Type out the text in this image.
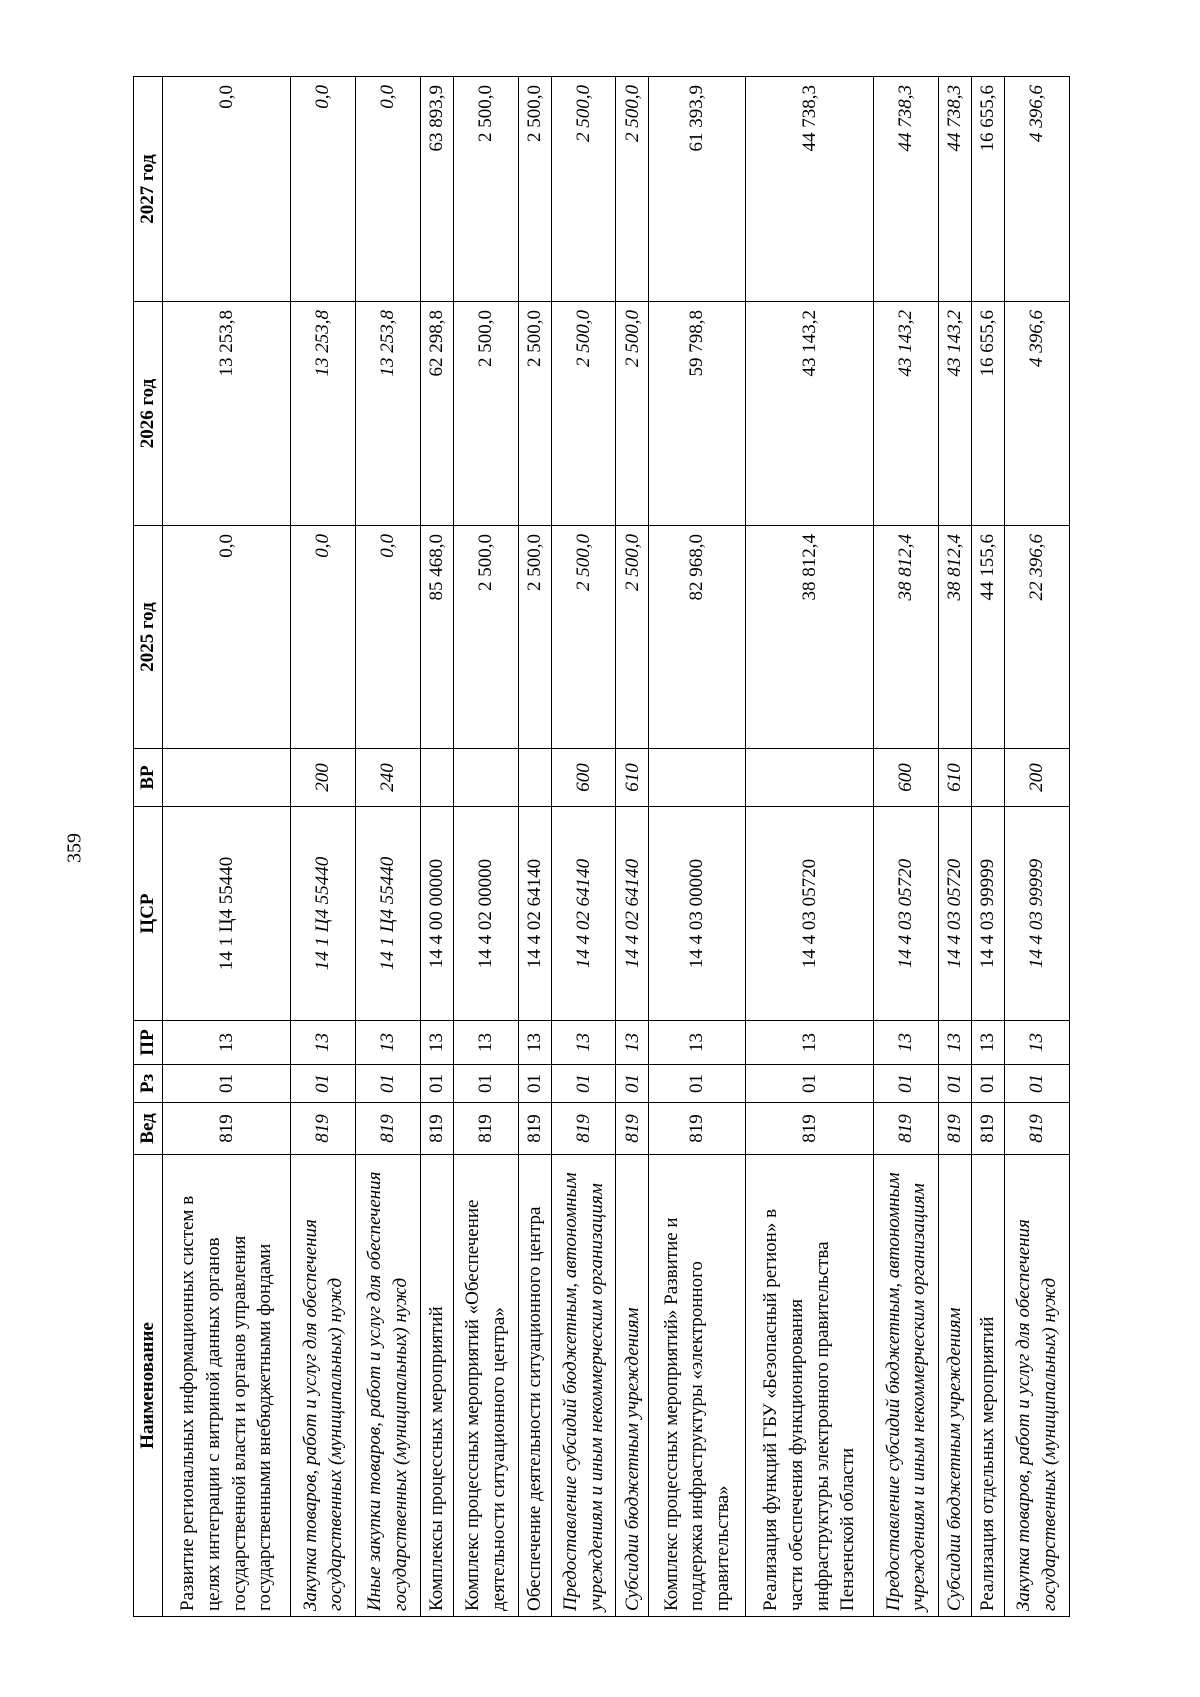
359
Наименование	Вед	Рз	ПР	ЦСР	ВР	2025 год	2026 год	2027 год
Развитие региональных информационных систем в целях интеграции с витриной данных органов государственной власти и органов управления государственными внебюджетными фондами	819	01	13	14 1 Ц4 55440		0,0	13 253,8	0,0
Закупка товаров, работ и услуг для обеспечения государственных (муниципальных) нужд	819	01	13	14 1 Ц4 55440	200	0,0	13 253,8	0,0
Иные закупки товаров, работ и услуг для обеспечения государственных (муниципальных) нужд	819	01	13	14 1 Ц4 55440	240	0,0	13 253,8	0,0
Комплексы процессных мероприятий	819	01	13	14 4 00 00000		85 468,0	62 298,8	63 893,9
Комплекс процессных мероприятий «Обеспечение деятельности ситуационного центра»	819	01	13	14 4 02 00000		2 500,0	2 500,0	2 500,0
Обеспечение деятельности ситуационного центра	819	01	13	14 4 02 64140		2 500,0	2 500,0	2 500,0
Предоставление субсидий бюджетным, автономным учреждениям и иным некоммерческим организациям	819	01	13	14 4 02 64140	600	2 500,0	2 500,0	2 500,0
Субсидии бюджетным учреждениям	819	01	13	14 4 02 64140	610	2 500,0	2 500,0	2 500,0
Комплекс процессных мероприятий» Развитие и поддержка инфраструктуры «электронного правительства»	819	01	13	14 4 03 00000		82 968,0	59 798,8	61 393,9
Реализация функций ГБУ «Безопасный регион» в части обеспечения функционирования инфраструктуры электронного правительства Пензенской области	819	01	13	14 4 03 05720		38 812,4	43 143,2	44 738,3
Предоставление субсидий бюджетным, автономным учреждениям и иным некоммерческим организациям	819	01	13	14 4 03 05720	600	38 812,4	43 143,2	44 738,3
Субсидии бюджетным учреждениям	819	01	13	14 4 03 05720	610	38 812,4	43 143,2	44 738,3
Реализация отдельных мероприятий	819	01	13	14 4 03 99999		44 155,6	16 655,6	16 655,6
Закупка товаров, работ и услуг для обеспечения государственных (муниципальных) нужд	819	01	13	14 4 03 99999	200	22 396,6	4 396,6	4 396,6
